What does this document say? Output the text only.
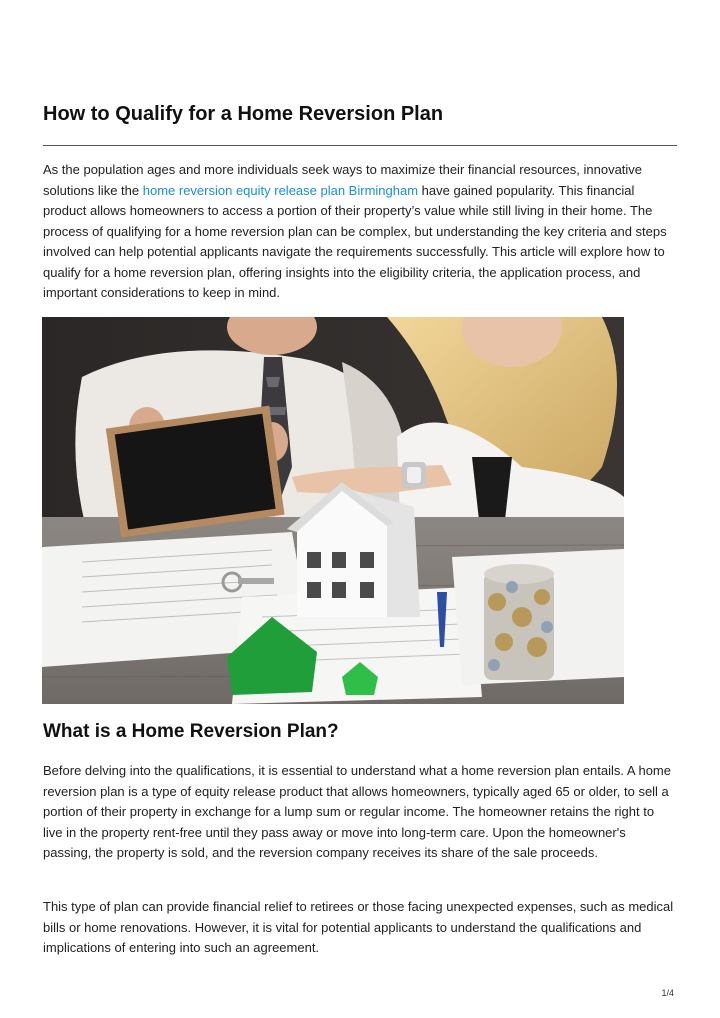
How to Qualify for a Home Reversion Plan

As the population ages and more individuals seek ways to maximize their financial resources, innovative solutions like the home reversion equity release plan Birmingham have gained popularity. This financial product allows homeowners to access a portion of their property’s value while still living in their home. The process of qualifying for a home reversion plan can be complex, but understanding the key criteria and steps involved can help potential applicants navigate the requirements successfully. This article will explore how to qualify for a home reversion plan, offering insights into the eligibility criteria, the application process, and important considerations to keep in mind.

What is a Home Reversion Plan?

Before delving into the qualifications, it is essential to understand what a home reversion plan entails. A home reversion plan is a type of equity release product that allows homeowners, typically aged 65 or older, to sell a portion of their property in exchange for a lump sum or regular income. The homeowner retains the right to live in the property rent-free until they pass away or move into long-term care. Upon the homeowner's passing, the property is sold, and the reversion company receives its share of the sale proceeds.

This type of plan can provide financial relief to retirees or those facing unexpected expenses, such as medical bills or home renovations. However, it is vital for potential applicants to understand the qualifications and implications of entering into such an agreement.

1/4
